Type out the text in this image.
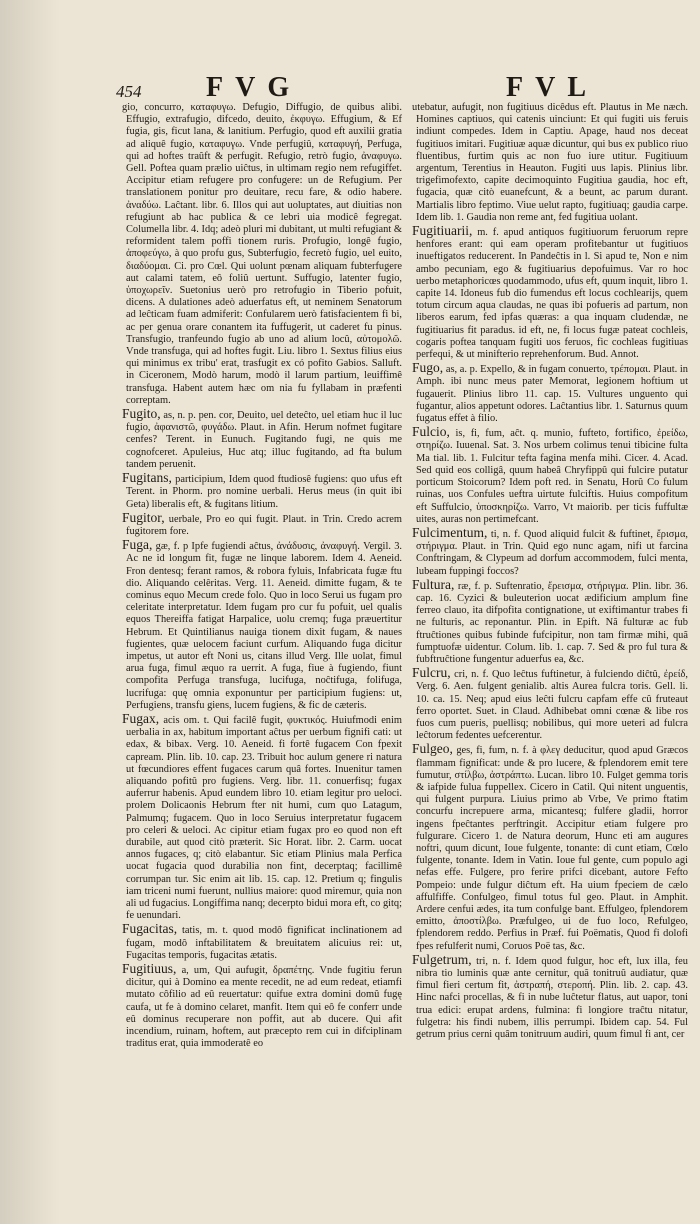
454 FVG	FVL

gio, concurro, καταφυγω. Defugio, Diffugio, de quibus alibi. Effugio, extrafugio, difcedo, deuito, ἐκφυγω. Effugium, & Ef fugia, gis, ficut lana, & lanitium. Perfugio, quod eft auxilii gratia ad aliquê fugio, καταφυγω. Vnde perfugiû, καταφυγή, Perfuga, qui ad hoftes traûft & perfugit. Refugio, retrò fugio, ἀναφυγω. Gell. Poftea quam prælio uiĉtus, in ultimam regio nem refugiffet. Accipitur etiam refugere pro confugere: un de Refugium. Per translationem ponitur pro deuitare, recu fare, & odio habere. ἀναδύω. Laĉtant. libr. 6. Illos qui aut uoluptates, aut diuitias non refugiunt ab hac publica & ce lebri uia modicê fegregat. Columella libr. 4. Idq; adeò pluri mi dubitant, ut multi refugiant & reformident talem poffi tionem ruris. Profugio, longê fugio, ἀποφεύγω, à quo profu gus, Subterfugio, fecretò fugio, uel euito, διαδύομαι. Ci. pro Cœl. Qui uolunt pœnam aliquam fubterfugere aut calami tatem, eô foliû uertunt. Suffugio, latenter fugio, ὑποχωρεῖν. Suetonius uerò pro retrofugio in Tiberio pofuit, dicens. A dulationes adeò aduerfatus eft, ut neminem Senatorum ad leĉticam fuam admiferit: Confularem uerò fatisfacientem fi bi, ac per genua orare conantem ita fuffugerit, ut caderet fu pinus. Transfugio, tranfeundo fugio ab uno ad alium locû, αὐτομολῶ. Vnde transfuga, qui ad hoftes fugit. Liu. libro 1. Sextus filius eius qui minimus ex tribu' erat, trasfugit ex có pofito Gabios. Salluft. in Ciceronem, Modò harum, modò il larum partium, leuiffimê transfuga. Habent autem hæc om nia fu fyllabam in præfenti correptam.

Fugito, as, n. p. pen. cor, Deuito, uel deteĉto, uel etiam huc il luc fugio, ἀφανιστῶ, φυγάδω. Plaut. in Afin. Herum nofmet fugitare cenfes? Terent. in Eunuch. Fugitando fugi, ne quis me cognofceret. Apuleius, Huc atq; illuc fugitando, ad fta bulum tandem peruenit.

Fugitans, participium, Idem quod ftudiosê fugiens: quo ufus eft Terent. in Phorm. pro nomine uerbali. Herus meus (in quit ibi Geta) liberalis eft, & fugitans litium.

Fugitor, uerbale, Pro eo qui fugit. Plaut. in Trin. Credo acrem fugitorem fore.

Fuga, gæ, f. p Ipfe fugiendi aĉtus, ἀνάδυσις, ἀναφυγή. Vergil. 3. Ac ne id longum fit, fugæ ne linque laborem. Idem 4. Aeneid. Fron dentesq; ferant ramos, & robora fyluis, Infabricata fugæ ftu dio. Aliquando celêritas. Verg. 11. Aeneid. dimitte fugam, & te cominus equo Mecum crede folo. Quo in loco Serui us fugam pro celeritate interpretatur. Idem fugam pro cur fu pofuit, uel qualis equos Thereiffa fatigat Harpalice, uolu cremq; fuga præuertitur Hebrum. Et Quintilianus nauiga tionem dixit fugam, & naues fugientes, quæ uelocem faciunt curfum. Aliquando fuga dicitur impetus, ut autor eft Noni us, citans illud Verg. Ille uolat, fimul arua fuga, fimul æquo ra uerrit. A fuga, fiue à fugiendo, fiunt compofita Perfuga transfuga, lucifuga, noĉtifuga, folifuga, lucrifuga: quę omnia exponuntur per participium fugiens: ut, Perfugiens, transfu giens, lucem fugiens, & fic de cæteris.

Fugax, acis om. t. Qui facilê fugit, φυκτικός. Huiufmodi enim uerbalia in ax, habitum important aĉtus per uerbum fignifi cati: ut edax, & bibax. Verg. 10. Aeneid. fi fortê fugacem Con fpexit capream. Plin. lib. 10. cap. 23. Tribuit hoc aulum genere ri natura ut fœcundiores effent fugaces carum quâ fortes. Inuenitur tamen aliquando pofitû pro fugiens. Verg. libr. 11. conuerfisq; fugax auferrur habenis. Apud eundem libro 10. etiam legitur pro ueloci. prolem Dolicaonis Hebrum fter nit humi, cum quo Latagum, Palmumq; fugacem. Quo in loco Seruius interpretatur fugacem pro celeri & ueloci. Ac cipitur etiam fugax pro eo quod non eft durabile, aut quod citò præterit. Sic Horat. libr. 2. Carm. uocat annos fugaces, q; citò elabantur. Sic etiam Plinius mala Perfica uocat fugacia quod durabilia non fint, decerptaq; facillimê corrumpan tur. Sic enim ait lib. 15. cap. 12. Pretium q; fingulis iam triceni numi fuerunt, nullius maiore: quod miremur, quia non ali ud fugacius. Longiffima nanq; decerpto bidui mora eft, co gitq; fe uenundari.

Fugacitas, tatis, m. t. quod modô fignificat inclinationem ad fugam, modô inftabilitatem & breuitatem alicuius rei: ut, Fugacitas temporis, fugacitas ætatis.

Fugitiuus, a, um, Qui aufugit, δραπέτης. Vnde fugitiu ferun dicitur, qui à Domino ea mente recedit, ne ad eum redeat, etiamfi mutato côfilio ad eû reuertatur: quifue extra domini domû fugę caufa, ut fe à domino celaret, manfit. Item qui eô fe conferr unde eû dominus recuperare non poffit, aut ab ducere. Qui afit incendium, ruinam, hoftem, aut præcepto rem cui in difciplinam traditus erat, quia immoderatê eo

utebatur, aufugit, non fugitiuus dicêdus eft. Plautus in Me næch. Homines captiuos, qui catenis uinciunt: Et qui fugiti uis feruis indiunt compedes. Idem in Captiu. Apage, haud nos deceat fugitiuos imitari. Fugitiuæ aquæ dicuntur, qui bus ex publico riuo fluentibus, furtim quis ac non fuo iure utitur. Fugitiuum argentum, Terentius in Heauton. Fugiti uus lapis. Plinius libr. trigefimofexto, capite decimoquinto Fugitiua gaudia, hoc eft, fugacia, quæ citò euanefcunt, & a beunt, ac parum durant. Martialis libro feptimo. Viue uelut rapto, fugitiuaq; gaudia carpe. Idem lib. 1. Gaudia non reme ant, fed fugitiua uolant.

Fugitiuarii, m. f. apud antiquos fugitiuorum feruorum repre henfores erant: qui eam operam profitebantur ut fugitiuos inueftigatos reducerent. In Pandeĉtis in l. Si apud te, Non e nim ambo pecuniam, ego & fugitiuarius depofuimus. Var ro hoc uerbo metaphoricœs quodammodo, ufus eft, quum inquit, libro 1. capite 14. Idoneus fub dio fumendus eft locus cochlearijs, quem totum circum aqua claudas, ne quas ibi pofueris ad partum, non liberos earum, fed ipfas quæras: a qua inquam cludendæ, ne fugitiuarius fit paradus. id eft, ne, fi locus fugæ pateat cochleis, cogaris poftea tanquam fugiti uos feruos, fic cochleas fugitiuas perfequi, & ut minifterio reprehenforum. Bud. Annot.

Fugo, as, a. p. Expello, & in fugam conuerto, τρέπομαι. Plaut. in Amph. ibi nunc meus pater Memorat, legionem hoftium ut fugauerit. Plinius libro 11. cap. 15. Vultures unguento qui fugantur, alios appetunt odores. Laĉtantius libr. 1. Saturnus quum fugatus effet à filio.

Fulcio, is, fi, fum, aĉt. q. munio, fufteto, fortifico, ἐρείδω, στηρίζω. Iuuenal. Sat. 3. Nos urbem colimus tenui tibicine fulta Ma tial. lib. 1. Fulcitur tefta fagina menfa mihi. Cicer. 4. Acad. Sed quid eos colligâ, quum habeâ Chryfippû qui fulcire putatur porticum Stoicorum? Idem poft red. in Senatu, Horû Co fulum ruinas, uos Confules ueftra uirtute fulciftis. Huius compofitum eft Suffulcio, ὑποσκηρίζω. Varro, Vt maiorib. per ticis fuffultæ uites, auras non pertimefcant.

Fulcimentum, ti, n. f. Quod aliquid fulcit & fuftinet, ἔρισμα, στήριγμα. Plaut. in Trin. Quid ego nunc agam, nifi ut farcina Conftringam, & Clypeum ad dorfum accommodem, fulci menta, lubeam fuppingi foccos?

Fultura, ræ, f. p. Suftenratio, ἔρεισμα, στήριγμα. Plin. libr. 36. cap. 16. Cyzici & buleuterion uocat ædificium amplum fine ferreo clauo, ita difpofita contignatione, ut exiftimantur trabes fi ne fulturis, ac reponantur. Plin. in Epift. Nã fulturæ ac fub ftruĉtiones quibus fubinde fufcipitur, non tam firmæ mihi, quã fumptuofæ uidentur. Colum. lib. 1. cap. 7. Sed & pro ful tura & fubftruĉtione fungentur aduerfus ea, &c.

Fulcru, cri, n. f. Quo leĉtus fuftinetur, à fulciendo diĉtû, ἐρείδ, Verg. 6. Aen. fulgent genialib. altis Aurea fulcra toris. Gell. li. 10. ca. 15. Neq; apud eius leĉti fulcru capfam effe cû fruteaut ferro oportet. Suet. in Claud. Adhibebat omni cœnæ & libe ros fuos cum pueris, puellisq; nobilibus, qui more ueteri ad fulcra leĉtorum fedentes uefcerentur.

Fulgeo, ges, fi, fum, n. f. à φλεγ deducitur, quod apud Græcos flammam fignificat: unde & pro lucere, & fplendorem emit tere fumutur, στίλβω, ἀστράπτω. Lucan. libro 10. Fulget gemma toris & iafpide fulua fuppellex. Cicero in Catil. Qui nitent unguentis, qui fulgent purpura. Liuius primo ab Vrbe, Ve primo ftatim concurfu increpuere arma, micantesq; fulfere gladii, horror ingens fpeĉtantes perftringit. Accipitur etiam fulgere pro fulgurare. Cicero 1. de Natura deorum, Hunc eti am augures noftri, quum dicunt, Ioue fulgente, tonante: di cunt etiam, Cœlo fulgente, tonante. Idem in Vatin. Ioue ful gente, cum populo agi nefas effe. Fulgere, pro ferire prifci dicebant, autore Fefto Pompeio: unde fulgur diĉtum eft. Ha uium fpeciem de cælo affulfiffe. Confulgeo, fimul totus ful geo. Plaut. in Amphit. Ardere cenfui ædes, ita tum confulge bant. Effulgeo, fplendorem emitto, ἀποστίλβω. Præfulgeo, ui de fuo loco, Refulgeo, fplendorem reddo. Perfius in Præf. fui Poëmatis, Quod fi dolofi fpes refulferit numi, Coruos Poë tas, &c.

Fulgetrum, tri, n. f. Idem quod fulgur, hoc eft, lux illa, feu nibra tio luminis quæ ante cernitur, quã tonitruû audiatur, quæ fimul fieri certum fit, ἀστραπή, στεροπή. Plin. lib. 2. cap. 43. Hinc nafci procellas, & fi in nube luĉtetur flatus, aut uapor, toni trua edici: erupat ardens, fulmina: fi longiore traĉtu nitatur, fulgetra: his findi nubem, illis perrumpi. Ibidem cap. 54. Ful getrum prius cerni quâm tonitruum audiri, quum fimul fi ant, cer
